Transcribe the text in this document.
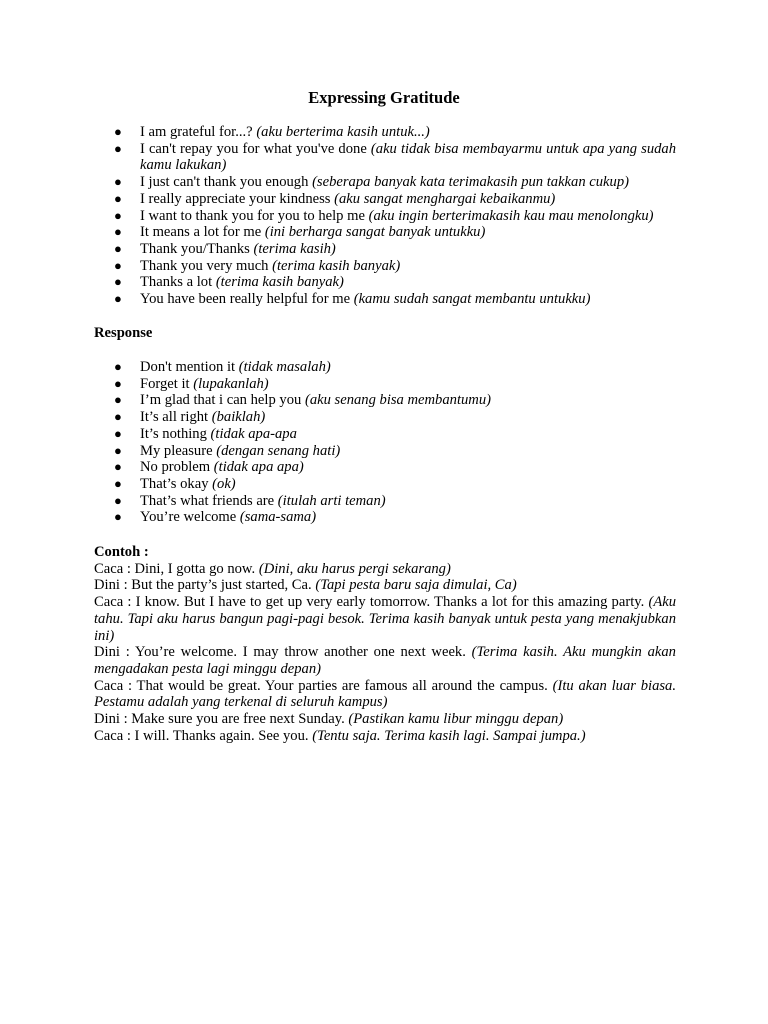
Expressing Gratitude
● I am grateful for...? (aku berterima kasih untuk...)
● I can't repay you for what you've done (aku tidak bisa membayarmu untuk apa yang sudah kamu lakukan)
● I just can't thank you enough (seberapa banyak kata terimakasih pun takkan cukup)
● I really appreciate your kindness (aku sangat menghargai kebaikanmu)
● I want to thank you for you to help me (aku ingin berterimakasih kau mau menolongku)
● It means a lot for me (ini berharga sangat banyak untukku)
● Thank you/Thanks (terima kasih)
● Thank you very much (terima kasih banyak)
● Thanks a lot (terima kasih banyak)
● You have been really helpful for me (kamu sudah sangat membantu untukku)
Response
● Don't mention it (tidak masalah)
● Forget it (lupakanlah)
● I’m glad that i can help you (aku senang bisa membantumu)
● It’s all right (baiklah)
● It’s nothing (tidak apa-apa
● My pleasure (dengan senang hati)
● No problem (tidak apa apa)
● That’s okay (ok)
● That’s what friends are (itulah arti teman)
● You’re welcome (sama-sama)
Contoh :

Caca : Dini, I gotta go now. (Dini, aku harus pergi sekarang)

Dini : But the party’s just started, Ca. (Tapi pesta baru saja dimulai, Ca)

Caca : I know. But I have to get up very early tomorrow. Thanks a lot for this amazing party. (Aku tahu. Tapi aku harus bangun pagi-pagi besok. Terima kasih banyak untuk pesta yang menakjubkan ini)

Dini : You’re welcome. I may throw another one next week. (Terima kasih. Aku mungkin akan mengadakan pesta lagi minggu depan)

Caca : That would be great. Your parties are famous all around the campus. (Itu akan luar biasa. Pestamu adalah yang terkenal di seluruh kampus)

Dini : Make sure you are free next Sunday. (Pastikan kamu libur minggu depan)

Caca : I will. Thanks again. See you. (Tentu saja. Terima kasih lagi. Sampai jumpa.)
